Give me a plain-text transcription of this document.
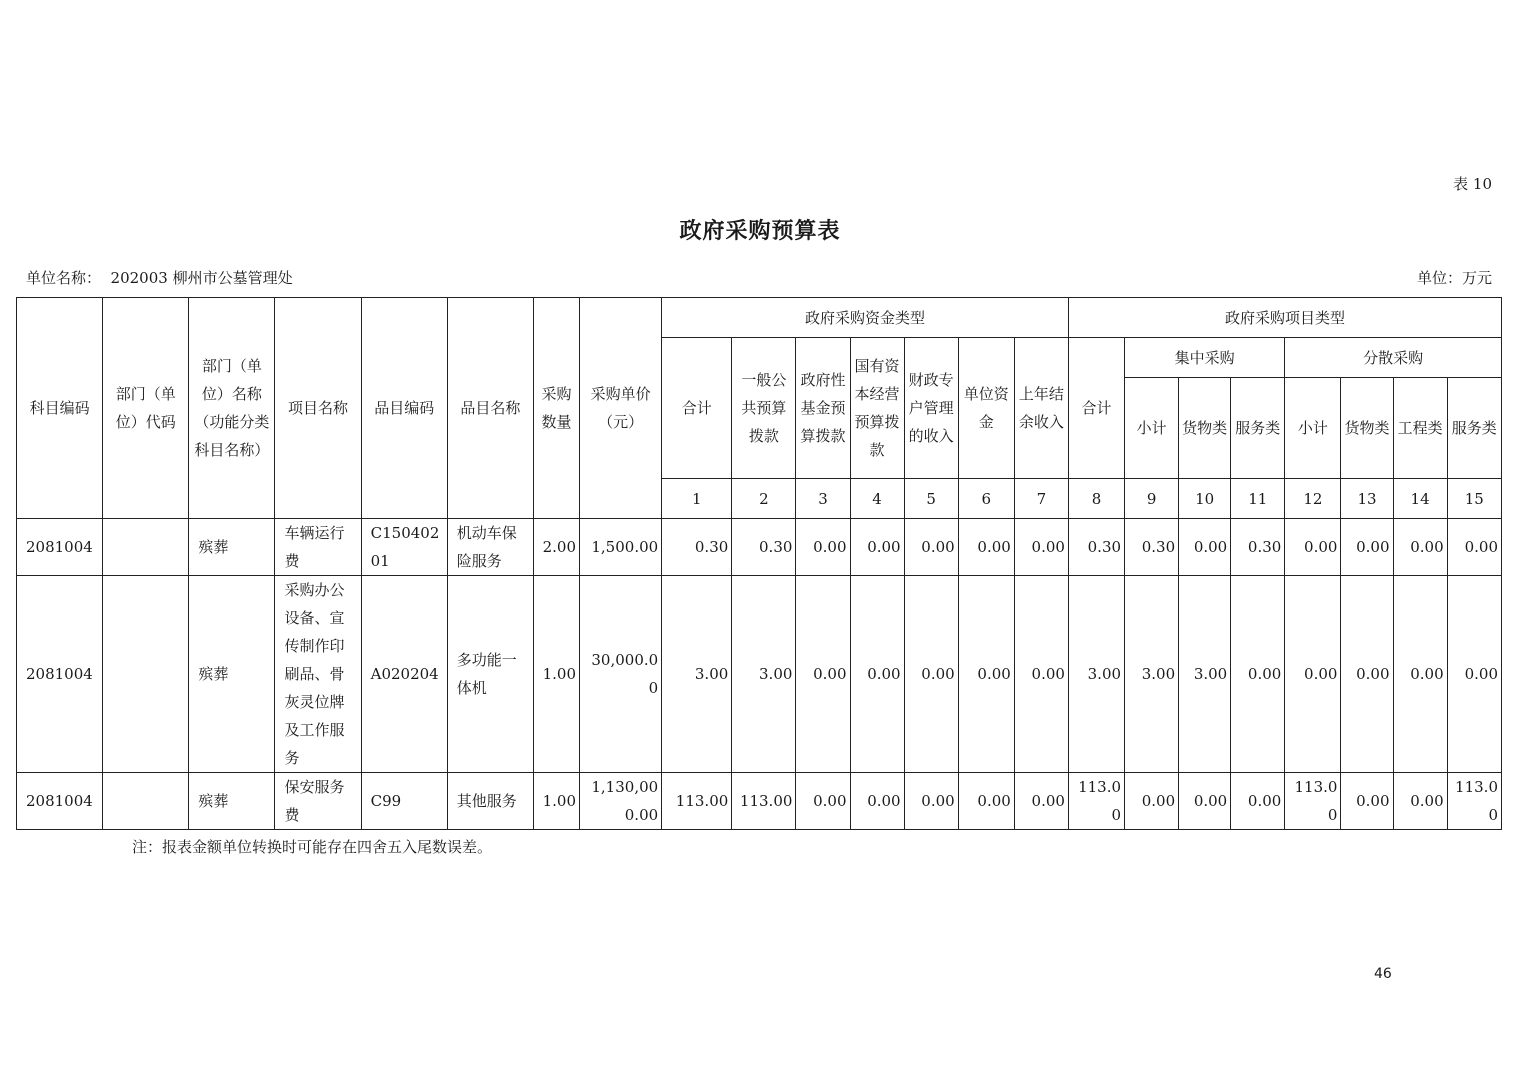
表 10
政府采购预算表
单位名称：  202003 柳州市公墓管理处	单位：万元
科目编码	部门（单位）代码	部门（单位）名称（功能分类科目名称）	项目名称	品目编码	品目名称	采购数量	采购单价（元）	政府采购资金类型							政府采购项目类型							
								合计	一般公共预算拨款	政府性基金预算拨款	国有资本经营预算拨款	财政专户管理的收入	单位资金	上年结余收入	合计	集中采购			分散采购			
																小计	货物类	服务类	小计	货物类	工程类	服务类
								1	2	3	4	5	6	7	8	9	10	11	12	13	14	15
2081004		殡葬	车辆运行费	C15040201	机动车保险服务	2.00	1,500.00	0.30	0.30	0.00	0.00	0.00	0.00	0.00	0.30	0.30	0.00	0.30	0.00	0.00	0.00	0.00
2081004		殡葬	采购办公设备、宣传制作印刷品、骨灰灵位牌及工作服务	A020204	多功能一体机	1.00	30,000.00	3.00	3.00	0.00	0.00	0.00	0.00	0.00	3.00	3.00	3.00	0.00	0.00	0.00	0.00	0.00
2081004		殡葬	保安服务费	C99	其他服务	1.00	1,130,000.00	113.00	113.00	0.00	0.00	0.00	0.00	0.00	113.00	0.00	0.00	0.00	113.00	0.00	0.00	113.00
注：报表金额单位转换时可能存在四舍五入尾数误差。
46
